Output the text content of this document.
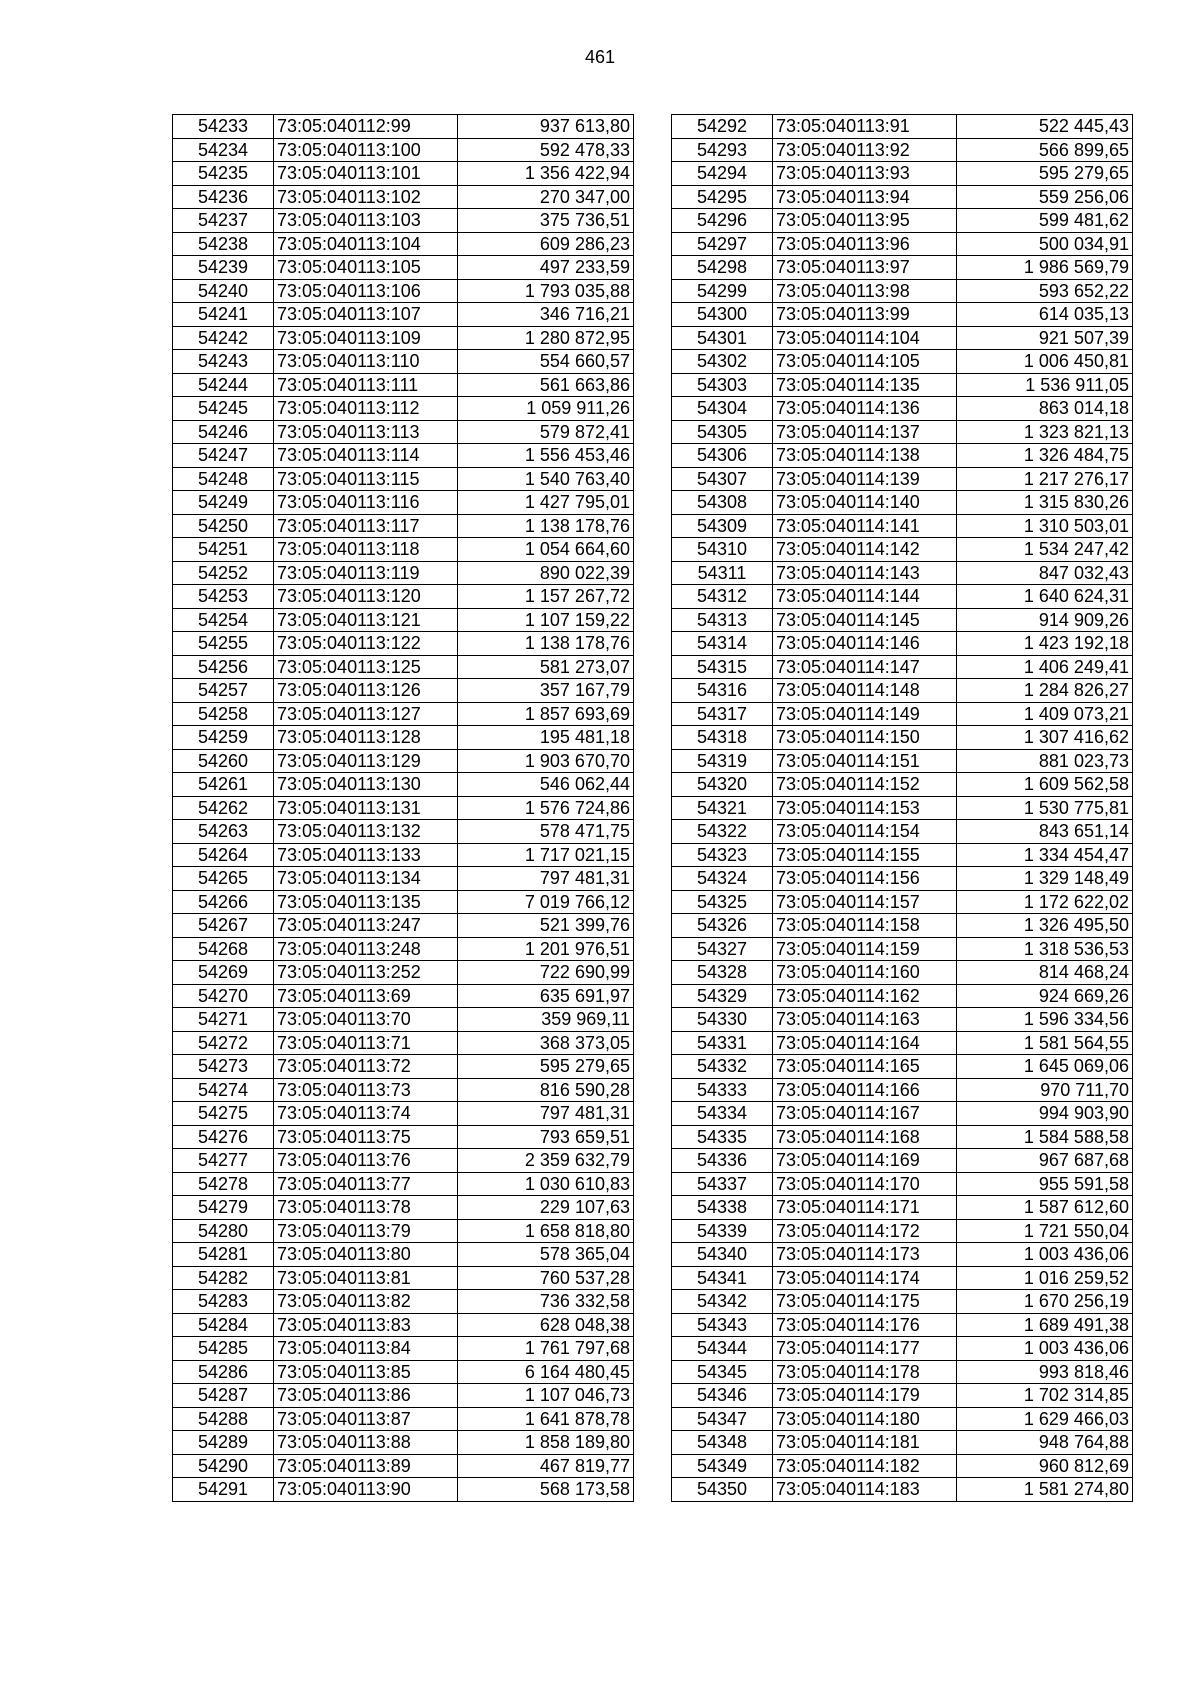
461
54233	73:05:040112:99	937 613,80
54234	73:05:040113:100	592 478,33
54235	73:05:040113:101	1 356 422,94
54236	73:05:040113:102	270 347,00
54237	73:05:040113:103	375 736,51
54238	73:05:040113:104	609 286,23
54239	73:05:040113:105	497 233,59
54240	73:05:040113:106	1 793 035,88
54241	73:05:040113:107	346 716,21
54242	73:05:040113:109	1 280 872,95
54243	73:05:040113:110	554 660,57
54244	73:05:040113:111	561 663,86
54245	73:05:040113:112	1 059 911,26
54246	73:05:040113:113	579 872,41
54247	73:05:040113:114	1 556 453,46
54248	73:05:040113:115	1 540 763,40
54249	73:05:040113:116	1 427 795,01
54250	73:05:040113:117	1 138 178,76
54251	73:05:040113:118	1 054 664,60
54252	73:05:040113:119	890 022,39
54253	73:05:040113:120	1 157 267,72
54254	73:05:040113:121	1 107 159,22
54255	73:05:040113:122	1 138 178,76
54256	73:05:040113:125	581 273,07
54257	73:05:040113:126	357 167,79
54258	73:05:040113:127	1 857 693,69
54259	73:05:040113:128	195 481,18
54260	73:05:040113:129	1 903 670,70
54261	73:05:040113:130	546 062,44
54262	73:05:040113:131	1 576 724,86
54263	73:05:040113:132	578 471,75
54264	73:05:040113:133	1 717 021,15
54265	73:05:040113:134	797 481,31
54266	73:05:040113:135	7 019 766,12
54267	73:05:040113:247	521 399,76
54268	73:05:040113:248	1 201 976,51
54269	73:05:040113:252	722 690,99
54270	73:05:040113:69	635 691,97
54271	73:05:040113:70	359 969,11
54272	73:05:040113:71	368 373,05
54273	73:05:040113:72	595 279,65
54274	73:05:040113:73	816 590,28
54275	73:05:040113:74	797 481,31
54276	73:05:040113:75	793 659,51
54277	73:05:040113:76	2 359 632,79
54278	73:05:040113:77	1 030 610,83
54279	73:05:040113:78	229 107,63
54280	73:05:040113:79	1 658 818,80
54281	73:05:040113:80	578 365,04
54282	73:05:040113:81	760 537,28
54283	73:05:040113:82	736 332,58
54284	73:05:040113:83	628 048,38
54285	73:05:040113:84	1 761 797,68
54286	73:05:040113:85	6 164 480,45
54287	73:05:040113:86	1 107 046,73
54288	73:05:040113:87	1 641 878,78
54289	73:05:040113:88	1 858 189,80
54290	73:05:040113:89	467 819,77
54291	73:05:040113:90	568 173,58
54292	73:05:040113:91	522 445,43
54293	73:05:040113:92	566 899,65
54294	73:05:040113:93	595 279,65
54295	73:05:040113:94	559 256,06
54296	73:05:040113:95	599 481,62
54297	73:05:040113:96	500 034,91
54298	73:05:040113:97	1 986 569,79
54299	73:05:040113:98	593 652,22
54300	73:05:040113:99	614 035,13
54301	73:05:040114:104	921 507,39
54302	73:05:040114:105	1 006 450,81
54303	73:05:040114:135	1 536 911,05
54304	73:05:040114:136	863 014,18
54305	73:05:040114:137	1 323 821,13
54306	73:05:040114:138	1 326 484,75
54307	73:05:040114:139	1 217 276,17
54308	73:05:040114:140	1 315 830,26
54309	73:05:040114:141	1 310 503,01
54310	73:05:040114:142	1 534 247,42
54311	73:05:040114:143	847 032,43
54312	73:05:040114:144	1 640 624,31
54313	73:05:040114:145	914 909,26
54314	73:05:040114:146	1 423 192,18
54315	73:05:040114:147	1 406 249,41
54316	73:05:040114:148	1 284 826,27
54317	73:05:040114:149	1 409 073,21
54318	73:05:040114:150	1 307 416,62
54319	73:05:040114:151	881 023,73
54320	73:05:040114:152	1 609 562,58
54321	73:05:040114:153	1 530 775,81
54322	73:05:040114:154	843 651,14
54323	73:05:040114:155	1 334 454,47
54324	73:05:040114:156	1 329 148,49
54325	73:05:040114:157	1 172 622,02
54326	73:05:040114:158	1 326 495,50
54327	73:05:040114:159	1 318 536,53
54328	73:05:040114:160	814 468,24
54329	73:05:040114:162	924 669,26
54330	73:05:040114:163	1 596 334,56
54331	73:05:040114:164	1 581 564,55
54332	73:05:040114:165	1 645 069,06
54333	73:05:040114:166	970 711,70
54334	73:05:040114:167	994 903,90
54335	73:05:040114:168	1 584 588,58
54336	73:05:040114:169	967 687,68
54337	73:05:040114:170	955 591,58
54338	73:05:040114:171	1 587 612,60
54339	73:05:040114:172	1 721 550,04
54340	73:05:040114:173	1 003 436,06
54341	73:05:040114:174	1 016 259,52
54342	73:05:040114:175	1 670 256,19
54343	73:05:040114:176	1 689 491,38
54344	73:05:040114:177	1 003 436,06
54345	73:05:040114:178	993 818,46
54346	73:05:040114:179	1 702 314,85
54347	73:05:040114:180	1 629 466,03
54348	73:05:040114:181	948 764,88
54349	73:05:040114:182	960 812,69
54350	73:05:040114:183	1 581 274,80
